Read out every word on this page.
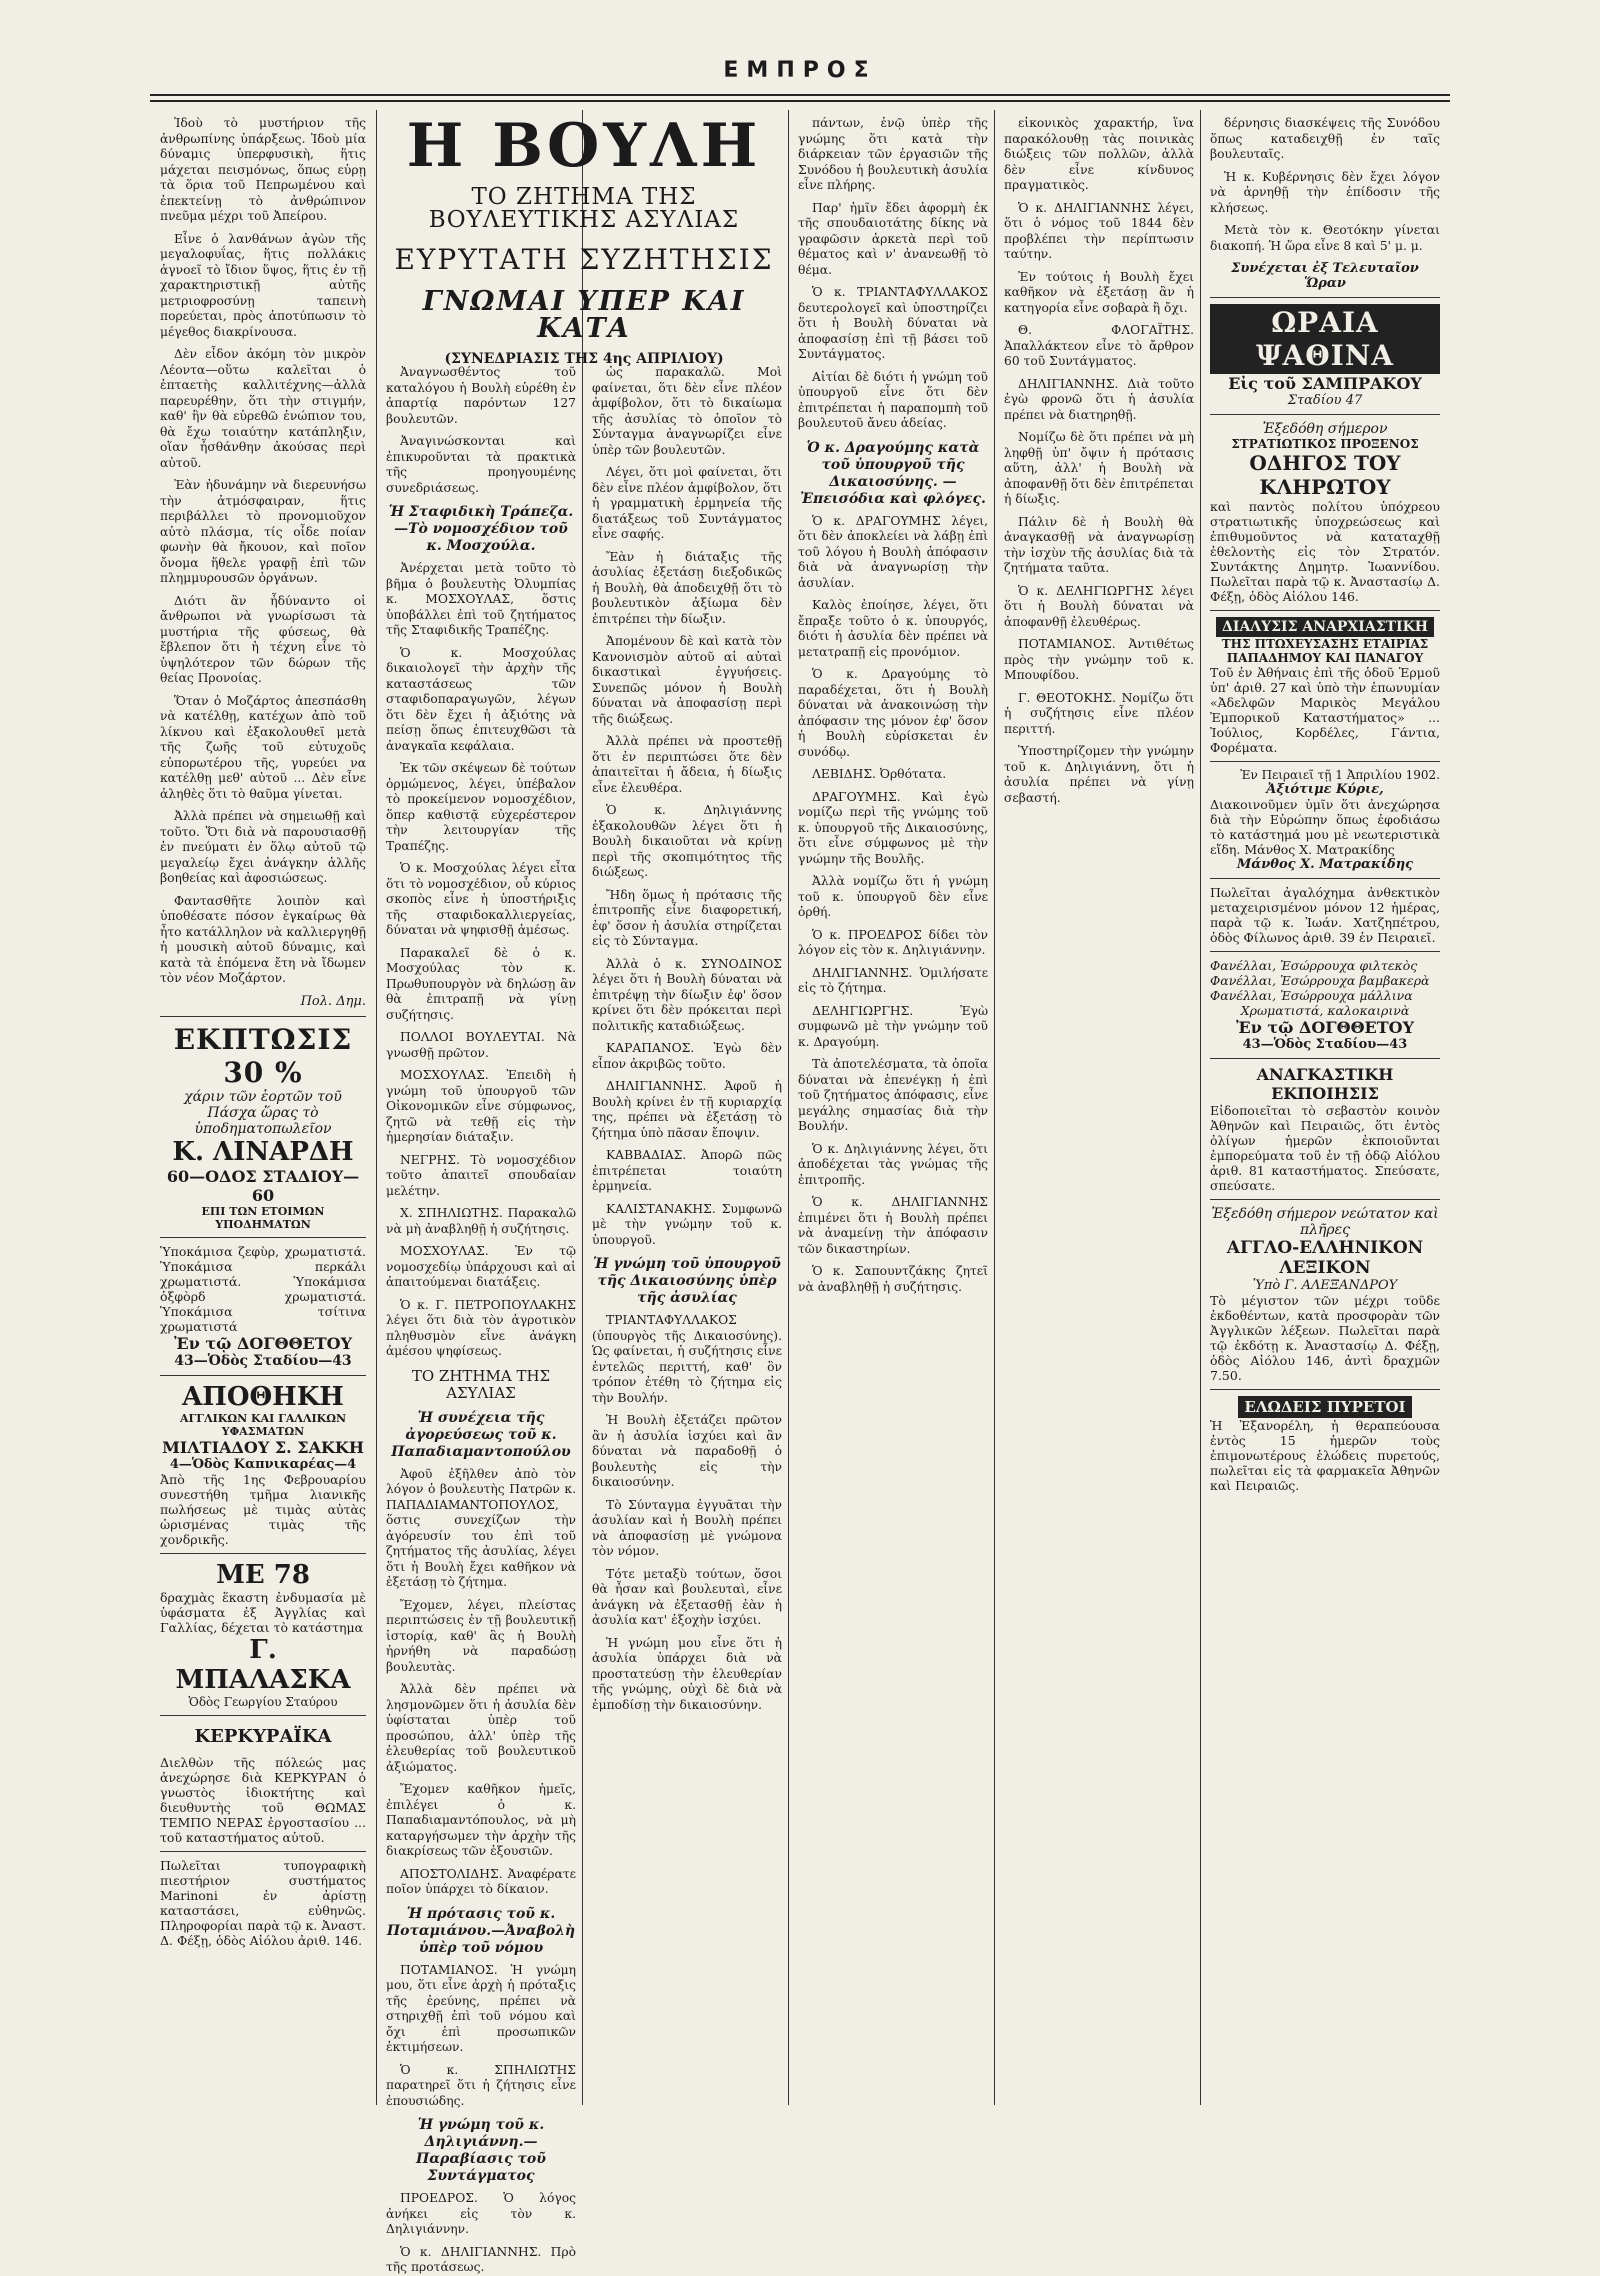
ΕΜΠΡΟΣ

Ἰδοὺ τὸ μυστήριον τῆς ἀνθρωπίνης ὑπάρξεως. Ἰδοὺ μία δύναμις ὑπερφυσικὴ, ἥτις μάχεται πεισμόνως, ὅπως εὑρῃ τὰ ὅρια τοῦ Πεπρωμένου καὶ ἐπεκτείνῃ τὸ ἀνθρώπινον πνεῦμα μέχρι τοῦ Ἀπείρου.

Εἶνε ὁ λανθάνων ἀγὼν τῆς μεγαλοφυΐας, ἥτις πολλάκις ἀγνοεῖ τὸ ἴδιον ὕψος, ἥτις ἐν τῇ χαρακτηριστικῇ αὐτῆς μετριοφροσύνῃ ταπεινὴ πορεύεται, πρὸς ἀποτύπωσιν τὸ μέγεθος διακρίνουσα.

Δὲν εἶδον ἀκόμη τὸν μικρὸν Λέοντα—οὕτω καλεῖται ὁ ἐπταετὴς καλλιτέχνης—ἀλλὰ παρευρέθην, ὅτι τὴν στιγμήν, καθ' ἣν θὰ εὑρεθῶ ἐνώπιον του, θὰ ἔχω τοιαύτην κατάπληξιν, οἵαν ἦσθάνθην ἀκούσας περὶ αὐτοῦ.

Ἐὰν ἠδυνάμην νὰ διερευνήσω τὴν ἀτμόσφαιραν, ἥτις περιβάλλει τὸ προνομιοῦχον αὐτὸ πλάσμα, τίς οἶδε ποίαν φωνὴν θὰ ἤκουον, καὶ ποῖον ὄνομα ἥθελε γραφῇ ἐπὶ τῶν πλημμυρουσῶν ὀργάνων.

Διότι ἂν ἦδύναντο οἱ ἄνθρωποι νὰ γνωρίσωσι τὰ μυστήρια τῆς φύσεως, θὰ ἔβλεπον ὅτι ἡ τέχνη εἶνε τὸ ὑψηλότερον τῶν δώρων τῆς θείας Προνοίας.

Ὅταν ὁ Μοζάρτος ἀπεσπάσθη νὰ κατέλθῃ, κατέχων ἀπὸ τοῦ λίκνου καὶ ἐξακολουθεῖ μετὰ τῆς ζωῆς τοῦ εὐτυχοῦς εὐπορωτέρου τῆς, γυρεύει να κατέλθῃ μεθ' αὐτοῦ ... Δὲν εἶνε ἀληθὲς ὅτι τὸ θαῦμα γίνεται.

Ἀλλὰ πρέπει νὰ σημειωθῇ καὶ τοῦτο. Ὅτι διὰ νὰ παρουσιασθῇ ἐν πνεύματι ἐν ὅλῳ αὐτοῦ τῷ μεγαλείῳ ἔχει ἀνάγκην ἀλλῆς βοηθείας καὶ ἀφοσιώσεως.

Φαντασθῆτε λοιπὸν καὶ ὑποθέσατε πόσον ἐγκαίρως θὰ ἦτο κατάλληλον νὰ καλλιεργηθῇ ἡ μουσικὴ αὐτοῦ δύναμις, καὶ κατὰ τὰ ἑπόμενα ἔτη νὰ ἴδωμεν τὸν νέον Μοζάρτον.

Πολ. Δημ.

ΕΚΠΤΩΣΙΣ 30 %
χάριν τῶν ἑορτῶν τοῦ Πάσχα ὥρας τὸ ὑποδηματοπωλεῖον
Κ. ΛΙΝΑΡΔΗ
60—ΟΔΟΣ ΣΤΑΔΙΟΥ—60
ΕΠΙ ΤΩΝ ΕΤΟΙΜΩΝ ΥΠΟΔΗΜΑΤΩΝ
Ὑποκάμισα ζεφὺρ, χρωματιστά. Ὑποκάμισα περκάλι χρωματιστά. Ὑποκάμισα ὀξφὸρδ χρωματιστά. Ὑποκάμισα τσίτινα χρωματιστά
Ἐν τῷ ΔΟΓΘΘΕΤΟΥ
43—Ὁδὸς Σταδίου—43
ΑΠΟΘΗΚΗ
ΑΓΓΛΙΚΩΝ ΚΑΙ ΓΑΛΛΙΚΩΝ ΥΦΑΣΜΑΤΩΝ
ΜΙΛΤΙΑΔΟΥ Σ. ΣΑΚΚΗ
4—Ὁδὸς Καπνικαρέας—4
Ἀπὸ τῆς 1ης Φεβρουαρίου συνεστήθη τμῆμα λιανικῆς πωλήσεως μὲ τιμὰς αὐτὰς ὡρισμένας τιμὰς τῆς χονδρικῆς.
ΜΕ 78
δραχμὰς ἕκαστη ἐνδυμασία μὲ ὑφάσματα ἐξ Ἀγγλίας καὶ Γαλλίας, δέχεται τὸ κατάστημα
Γ. ΜΠΑΛΑΣΚΑ
Ὁδὸς Γεωργίου Σταύρου
ΚΕΡΚΥΡΑΪΚΑ
Διελθὼν τῆς πόλεώς μας ἀνεχώρησε διὰ ΚΕΡΚΥΡΑΝ ὁ γνωστὸς ἰδιοκτήτης καὶ διευθυντὴς τοῦ ΘΩΜΑΣ ΤΕΜΠΟ ΝΕΡΑΣ ἐργοστασίου ... τοῦ καταστήματος αὐτοῦ.
Πωλεῖται τυπογραφικὴ πιεστήριον συστήματος Marinoni ἐν ἀρίστῃ καταστάσει, εὐθηνῶς. Πληροφορίαι παρὰ τῷ κ. Ἀναστ. Δ. Φέξῃ, ὁδὸς Αἰόλου ἀριθ. 146.
Η ΒΟΥΛΗ
ΤΟ ΖΗΤΗΜΑ ΤΗΣ ΒΟΥΛΕΥΤΙΚΗΣ ΑΣΥΛΙΑΣ
ΕΥΡΥΤΑΤΗ ΣΥΖΗΤΗΣΙΣ
ΓΝΩΜΑΙ ΥΠΕΡ ΚΑΙ ΚΑΤΑ
(ΣΥΝΕΔΡΙΑΣΙΣ ΤΗΣ 4ης ΑΠΡΙΛΙΟΥ)

Ἀναγνωσθέντος τοῦ καταλόγου ἡ Βουλὴ εὑρέθη ἐν ἀπαρτίᾳ παρόντων 127 βουλευτῶν.

Ἀναγινώσκονται καὶ ἐπικυροῦνται τὰ πρακτικὰ τῆς προηγουμένης συνεδριάσεως.

Ἡ Σταφιδικὴ Τράπεζα.—Τὸ νομοσχέδιον τοῦ κ. Μοσχούλα.

Ἀνέρχεται μετὰ τοῦτο τὸ βῆμα ὁ βουλευτὴς Ὀλυμπίας κ. ΜΟΣΧΟΥΛΑΣ, ὅστις ὑποβάλλει ἐπὶ τοῦ ζητήματος τῆς Σταφιδικῆς Τραπέζης.

Ὁ κ. Μοσχούλας δικαιολογεῖ τὴν ἀρχὴν τῆς καταστάσεως τῶν σταφιδοπαραγωγῶν, λέγων ὅτι δὲν ἔχει ἡ ἀξιότης νὰ πείσῃ ὅπως ἐπιτευχθῶσι τὰ ἀναγκαῖα κεφάλαια.

Ἐκ τῶν σκέψεων δὲ τούτων ὁρμώμενος, λέγει, ὑπέβαλον τὸ προκείμενον νομοσχέδιον, ὅπερ καθιστᾷ εὐχερέστερον τὴν λειτουργίαν τῆς Τραπέζης.

Ὁ κ. Μοσχούλας λέγει εἶτα ὅτι τὸ νομοσχέδιον, οὗ κύριος σκοπὸς εἶνε ἡ ὑποστήριξις τῆς σταφιδοκαλλιεργείας, δύναται νὰ ψηφισθῇ ἀμέσως.

Παρακαλεῖ δὲ ὁ κ. Μοσχούλας τὸν κ. Πρωθυπουργὸν νὰ δηλώσῃ ἂν θὰ ἐπιτραπῇ νὰ γίνῃ συζήτησις.

ΠΟΛΛΟΙ ΒΟΥΛΕΥΤΑΙ. Νὰ γνωσθῇ πρῶτον.

ΜΟΣΧΟΥΛΑΣ. Ἐπειδὴ ἡ γνώμη τοῦ ὑπουργοῦ τῶν Οἰκονομικῶν εἶνε σύμφωνος, ζητῶ νὰ τεθῇ εἰς τὴν ἡμερησίαν διάταξιν.

ΝΕΓΡΗΣ. Τὸ νομοσχέδιον τοῦτο ἀπαιτεῖ σπουδαίαν μελέτην.

Χ. ΣΠΗΛΙΩΤΗΣ. Παρακαλῶ νὰ μὴ ἀναβληθῇ ἡ συζήτησις.

ΜΟΣΧΟΥΛΑΣ. Ἐν τῷ νομοσχεδίῳ ὑπάρχουσι καὶ αἱ ἀπαιτούμεναι διατάξεις.

Ὁ κ. Γ. ΠΕΤΡΟΠΟΥΛΑΚΗΣ λέγει ὅτι διὰ τὸν ἀγροτικὸν πληθυσμὸν εἶνε ἀνάγκη ἀμέσου ψηφίσεως.

ΤΟ ΖΗΤΗΜΑ ΤΗΣ ΑΣΥΛΙΑΣ
Ἡ συνέχεια τῆς ἀγορεύσεως τοῦ κ. Παπαδιαμαντοπούλου

Ἀφοῦ ἐξῆλθεν ἀπὸ τὸν λόγον ὁ βουλευτὴς Πατρῶν κ. ΠΑΠΑΔΙΑΜΑΝΤΟΠΟΥΛΟΣ, ὅστις συνεχίζων τὴν ἀγόρευσίν του ἐπὶ τοῦ ζητήματος τῆς ἀσυλίας, λέγει ὅτι ἡ Βουλὴ ἔχει καθῆκον νὰ ἐξετάσῃ τὸ ζήτημα.

Ἔχομεν, λέγει, πλείστας περιπτώσεις ἐν τῇ βουλευτικῇ ἱστορίᾳ, καθ' ἃς ἡ Βουλὴ ἠρνήθη νὰ παραδώσῃ βουλευτὰς.

Ἀλλὰ δὲν πρέπει νὰ λησμονῶμεν ὅτι ἡ ἀσυλία δὲν ὑφίσταται ὑπὲρ τοῦ προσώπου, ἀλλ' ὑπὲρ τῆς ἐλευθερίας τοῦ βουλευτικοῦ ἀξιώματος.

Ἔχομεν καθῆκον ἡμεῖς, ἐπιλέγει ὁ κ. Παπαδιαμαντόπουλος, νὰ μὴ καταργήσωμεν τὴν ἀρχὴν τῆς διακρίσεως τῶν ἐξουσιῶν.

ΑΠΟΣΤΟΛΙΔΗΣ. Ἀναφέρατε ποῖον ὑπάρχει τὸ δίκαιον.

Ἡ πρότασις τοῦ κ. Ποταμιάνου.—Ἀναβολὴ ὑπὲρ τοῦ νόμου

ΠΟΤΑΜΙΑΝΟΣ. Ἡ γνώμη μου, ὅτι εἶνε ἀρχὴ ἡ πρόταξις τῆς ἐρεύνης, πρέπει νὰ στηριχθῇ ἐπὶ τοῦ νόμου καὶ ὄχι ἐπὶ προσωπικῶν ἐκτιμήσεων.

Ὁ κ. ΣΠΗΛΙΩΤΗΣ παρατηρεῖ ὅτι ἡ ζήτησις εἶνε ἐπουσιώδης.

Ἡ γνώμη τοῦ κ. Δηλιγιάννη.—Παραβίασις τοῦ Συντάγματος

ΠΡΟΕΔΡΟΣ. Ὁ λόγος ἀνήκει εἰς τὸν κ. Δηλιγιάννην.

Ὁ κ. ΔΗΛΙΓΙΑΝΝΗΣ. Πρὸ τῆς προτάσεως.

ὡς παρακαλῶ. Μοὶ φαίνεται, ὅτι δὲν εἶνε πλέον ἀμφίβολον, ὅτι τὸ δικαίωμα τῆς ἀσυλίας τὸ ὁποῖον τὸ Σύνταγμα ἀναγνωρίζει εἶνε ὑπὲρ τῶν βουλευτῶν.

Λέγει, ὅτι μοὶ φαίνεται, ὅτι δὲν εἶνε πλέον ἀμφίβολον, ὅτι ἡ γραμματικὴ ἑρμηνεία τῆς διατάξεως τοῦ Συντάγματος εἶνε σαφής.

Ἔὰν ἡ διάταξις τῆς ἀσυλίας ἐξετάσῃ διεξοδικῶς ἡ Βουλὴ, θὰ ἀποδειχθῇ ὅτι τὸ βουλευτικὸν ἀξίωμα δὲν ἐπιτρέπει τὴν δίωξιν.

Ἀπομένουν δὲ καὶ κατὰ τὸν Κανονισμὸν αὐτοῦ αἱ αὐταὶ δικαστικαὶ ἐγγυήσεις. Συνεπῶς μόνον ἡ Βουλὴ δύναται νὰ ἀποφασίσῃ περὶ τῆς διώξεως.

Ἀλλὰ πρέπει νὰ προστεθῇ ὅτι ἐν περιπτώσει ὅτε δὲν ἀπαιτεῖται ἡ ἄδεια, ἡ δίωξις εἶνε ἐλευθέρα.

Ὁ κ. Δηλιγιάννης ἐξακολουθῶν λέγει ὅτι ἡ Βουλὴ δικαιοῦται νὰ κρίνῃ περὶ τῆς σκοπιμότητος τῆς διώξεως.

Ἤδη ὅμως ἡ πρότασις τῆς ἐπιτροπῆς εἶνε διαφορετική, ἐφ' ὅσον ἡ ἀσυλία στηρίζεται εἰς τὸ Σύνταγμα.

Ἀλλὰ ὁ κ. ΣΥΝΟΔΙΝΟΣ λέγει ὅτι ἡ Βουλὴ δύναται νὰ ἐπιτρέψῃ τὴν δίωξιν ἐφ' ὅσον κρίνει ὅτι δὲν πρόκειται περὶ πολιτικῆς καταδιώξεως.

ΚΑΡΑΠΑΝΟΣ. Ἐγὼ δὲν εἶπον ἀκριβῶς τοῦτο.

ΔΗΛΙΓΙΑΝΝΗΣ. Ἀφοῦ ἡ Βουλὴ κρίνει ἐν τῇ κυριαρχίᾳ της, πρέπει νὰ ἐξετάσῃ τὸ ζήτημα ὑπὸ πᾶσαν ἔποψιν.

ΚΑΒΒΑΔΙΑΣ. Ἀπορῶ πῶς ἐπιτρέπεται τοιαύτη ἑρμηνεία.

ΚΑΛΙΣΤΑΝΑΚΗΣ. Συμφωνῶ μὲ τὴν γνώμην τοῦ κ. ὑπουργοῦ.

Ἡ γνώμη τοῦ ὑπουργοῦ τῆς Δικαιοσύνης ὑπὲρ τῆς ἀσυλίας

ΤΡΙΑΝΤΑΦΥΛΛΑΚΟΣ (ὑπουργὸς τῆς Δικαιοσύνης). Ὡς φαίνεται, ἡ συζήτησις εἶνε ἐντελῶς περιττή, καθ' ὃν τρόπον ἐτέθη τὸ ζήτημα εἰς τὴν Βουλήν.

Ἡ Βουλὴ ἐξετάζει πρῶτον ἂν ἡ ἀσυλία ἰσχύει καὶ ἂν δύναται νὰ παραδοθῇ ὁ βουλευτὴς εἰς τὴν δικαιοσύνην.

Τὸ Σύνταγμα ἐγγυᾶται τὴν ἀσυλίαν καὶ ἡ Βουλὴ πρέπει νὰ ἀποφασίσῃ μὲ γνώμονα τὸν νόμον.

Τότε μεταξὺ τούτων, ὅσοι θὰ ἦσαν καὶ βουλευταὶ, εἶνε ἀνάγκη νὰ ἐξετασθῇ ἐὰν ἡ ἀσυλία κατ' ἐξοχὴν ἰσχύει.

Ἡ γνώμη μου εἶνε ὅτι ἡ ἀσυλία ὑπάρχει διὰ νὰ προστατεύσῃ τὴν ἐλευθερίαν τῆς γνώμης, οὐχὶ δὲ διὰ νὰ ἐμποδίσῃ τὴν δικαιοσύνην.

πάντων, ἐνῷ ὑπὲρ τῆς γνώμης ὅτι κατὰ τὴν διάρκειαν τῶν ἐργασιῶν τῆς Συνόδου ἡ βουλευτικὴ ἀσυλία εἶνε πλήρης.

Παρ' ἡμῖν ἔδει ἀφορμὴ ἐκ τῆς σπουδαιοτάτης δίκης νὰ γραφῶσιν ἀρκετὰ περὶ τοῦ θέματος καὶ ν' ἀνανεωθῇ τὸ θέμα.

Ὁ κ. ΤΡΙΑΝΤΑΦΥΛΛΑΚΟΣ δευτερολογεῖ καὶ ὑποστηρίζει ὅτι ἡ Βουλὴ δύναται νὰ ἀποφασίσῃ ἐπὶ τῇ βάσει τοῦ Συντάγματος.

Αἰτίαι δὲ διότι ἡ γνώμη τοῦ ὑπουργοῦ εἶνε ὅτι δὲν ἐπιτρέπεται ἡ παραπομπὴ τοῦ βουλευτοῦ ἄνευ ἀδείας.

Ὁ κ. Δραγούμης κατὰ τοῦ ὑπουργοῦ τῆς Δικαιοσύνης. —Ἐπεισόδια καὶ φλόγες.

Ὁ κ. ΔΡΑΓΟΥΜΗΣ λέγει, ὅτι δὲν ἀποκλείει νὰ λάβῃ ἐπὶ τοῦ λόγου ἡ Βουλὴ ἀπόφασιν διὰ νὰ ἀναγνωρίσῃ τὴν ἀσυλίαν.

Καλὸς ἐποίησε, λέγει, ὅτι ἔπραξε τοῦτο ὁ κ. ὑπουργός, διότι ἡ ἀσυλία δὲν πρέπει νὰ μετατραπῇ εἰς προνόμιον.

Ὁ κ. Δραγούμης τὸ παραδέχεται, ὅτι ἡ Βουλὴ δύναται νὰ ἀνακοινώσῃ τὴν ἀπόφασιν της μόνον ἐφ' ὅσον ἡ Βουλὴ εὑρίσκεται ἐν συνόδῳ.

ΛΕΒΙΔΗΣ. Ὀρθότατα.

ΔΡΑΓΟΥΜΗΣ. Καὶ ἐγὼ νομίζω περὶ τῆς γνώμης τοῦ κ. ὑπουργοῦ τῆς Δικαιοσύνης, ὅτι εἶνε σύμφωνος μὲ τὴν γνώμην τῆς Βουλῆς.

Ἀλλὰ νομίζω ὅτι ἡ γνώμη τοῦ κ. ὑπουργοῦ δὲν εἶνε ὀρθή.

Ὁ κ. ΠΡΟΕΔΡΟΣ δίδει τὸν λόγον εἰς τὸν κ. Δηλιγιάννην.

ΔΗΛΙΓΙΑΝΝΗΣ. Ὁμιλήσατε εἰς τὸ ζήτημα.

ΔΕΛΗΓΙΩΡΓΗΣ. Ἐγὼ συμφωνῶ μὲ τὴν γνώμην τοῦ κ. Δραγούμη.

Τὰ ἀποτελέσματα, τὰ ὁποῖα δύναται νὰ ἐπενέγκῃ ἡ ἐπὶ τοῦ ζητήματος ἀπόφασις, εἶνε μεγάλης σημασίας διὰ τὴν Βουλήν.

Ὁ κ. Δηλιγιάννης λέγει, ὅτι ἀποδέχεται τὰς γνώμας τῆς ἐπιτροπῆς.

Ὁ κ. ΔΗΛΙΓΙΑΝΝΗΣ ἐπιμένει ὅτι ἡ Βουλὴ πρέπει νὰ ἀναμείνῃ τὴν ἀπόφασιν τῶν δικαστηρίων.

Ὁ κ. Σαπουντζάκης ζητεῖ νὰ ἀναβληθῇ ἡ συζήτησις.

εἰκονικὸς χαρακτήρ, ἵνα παρακόλουθῃ τὰς ποινικὰς διώξεις τῶν πολλῶν, ἀλλὰ δὲν εἶνε κίνδυνος πραγματικὸς.

Ὁ κ. ΔΗΛΙΓΙΑΝΝΗΣ λέγει, ὅτι ὁ νόμος τοῦ 1844 δὲν προβλέπει τὴν περίπτωσιν ταύτην.

Ἐν τούτοις ἡ Βουλὴ ἔχει καθῆκον νὰ ἐξετάσῃ ἂν ἡ κατηγορία εἶνε σοβαρὰ ἢ ὄχι.

Θ. ΦΛΟΓΑΪΤΗΣ. Ἀπαλλάκτεον εἶνε τὸ ἄρθρον 60 τοῦ Συντάγματος.

ΔΗΛΙΓΙΑΝΝΗΣ. Διὰ τοῦτο ἐγὼ φρονῶ ὅτι ἡ ἀσυλία πρέπει νὰ διατηρηθῇ.

Νομίζω δὲ ὅτι πρέπει νὰ μὴ ληφθῇ ὑπ' ὄψιν ἡ πρότασις αὕτη, ἀλλ' ἡ Βουλὴ νὰ ἀποφανθῇ ὅτι δὲν ἐπιτρέπεται ἡ δίωξις.

Πάλιν δὲ ἡ Βουλὴ θὰ ἀναγκασθῇ νὰ ἀναγνωρίσῃ τὴν ἰσχὺν τῆς ἀσυλίας διὰ τὰ ζητήματα ταῦτα.

Ὁ κ. ΔΕΛΗΓΙΩΡΓΗΣ λέγει ὅτι ἡ Βουλὴ δύναται νὰ ἀποφανθῇ ἐλευθέρως.

ΠΟΤΑΜΙΑΝΟΣ. Ἀντιθέτως πρὸς τὴν γνώμην τοῦ κ. Μπουφίδου.

Γ. ΘΕΟΤΟΚΗΣ. Νομίζω ὅτι ἡ συζήτησις εἶνε πλέον περιττή.

Ὑποστηρίζομεν τὴν γνώμην τοῦ κ. Δηλιγιάννη, ὅτι ἡ ἀσυλία πρέπει νὰ γίνῃ σεβαστή.

δέρνησις διασκέψεις τῆς Συνόδου ὅπως καταδειχθῇ ἐν ταῖς βουλευταῖς.

Ἡ κ. Κυβέρνησις δὲν ἔχει λόγον νὰ ἀρνηθῇ τὴν ἐπίδοσιν τῆς κλήσεως.

Μετὰ τὸν κ. Θεοτόκην γίνεται διακοπή. Ἡ ὥρα εἶνε 8 καὶ 5' μ. μ.

Συνέχεται ἐξ Τελευταῖον Ὥραν
ΩΡΑΙΑ ΨΑΘΙΝΑ
Εἰς τοῦ ΣΑΜΠΡΑΚΟΥ
Σταδίου 47
Ἐξεδόθη σήμερον
ΣΤΡΑΤΙΩΤΙΚΟΣ ΠΡΟΞΕΝΟΣ
ΟΔΗΓΟΣ ΤΟΥ ΚΛΗΡΩΤΟΥ
καὶ παντὸς πολίτου ὑπόχρεου στρατιωτικῆς ὑποχρεώσεως καὶ ἐπιθυμοῦντος νὰ καταταχθῇ ἐθελοντὴς εἰς τὸν Στρατόν. Συντάκτης Δημητρ. Ἰωαννίδου. Πωλεῖται παρὰ τῷ κ. Ἀναστασίῳ Δ. Φέξῃ, ὁδὸς Αἰόλου 146.
ΔΙΑΛΥΣΙΣ ΑΝΑΡΧΙΑΣΤΙΚΗ
ΤΗΣ ΠΤΩΧΕΥΣΑΣΗΣ ΕΤΑΙΡΙΑΣ ΠΑΠΑΔΗΜΟΥ ΚΑΙ ΠΑΝΑΓΟΥ
Τοῦ ἐν Ἀθήναις ἐπὶ τῆς ὁδοῦ Ἑρμοῦ ὑπ' ἀριθ. 27 καὶ ὑπὸ τὴν ἐπωνυμίαν «Ἀδελφῶν Μαρικὸς Μεγάλου Ἐμπορικοῦ Καταστήματος» ... Ἰούλιος, Κορδέλες, Γάντια, Φορέματα.
Ἐν Πειραιεῖ τῇ 1 Ἀπριλίου 1902.
Ἀξιότιμε Κύριε,
Διακοινοῦμεν ὑμῖν ὅτι ἀνεχώρησα διὰ τὴν Εὐρώπην ὅπως ἐφοδιάσω τὸ κατάστημά μου μὲ νεωτεριστικὰ εἴδη. Μάνθος Χ. Ματρακίδης
Μάνθος Χ. Ματρακίδης
Πωλεῖται ἀγαλόχημα ἀνθεκτικὸν μεταχειρισμένον μόνον 12 ἡμέρας, παρὰ τῷ κ. Ἰωάν. Χατζηπέτρου, ὁδὸς Φίλωνος ἀριθ. 39 ἐν Πειραιεῖ.
Φανέλλαι, Ἐσώρρουχα φιλτεκὸς
Φανέλλαι, Ἐσώρρουχα βαμβακερὰ
Φανέλλαι, Ἐσώρρουχα μάλλινα
Χρωματιστά, καλοκαιρινὰ
Ἐν τῷ ΔΟΓΘΘΕΤΟΥ
43—Ὁδὸς Σταδίου—43
ΑΝΑΓΚΑΣΤΙΚΗ ΕΚΠΟΙΗΣΙΣ
Εἰδοποιεῖται τὸ σεβαστὸν κοινὸν Ἀθηνῶν καὶ Πειραιῶς, ὅτι ἐντὸς ὀλίγων ἡμερῶν ἐκποιοῦνται ἐμπορεύματα τοῦ ἐν τῇ ὁδῷ Αἰόλου ἀριθ. 81 καταστήματος. Σπεύσατε, σπεύσατε.
Ἐξεδόθη σήμερον νεώτατον καὶ πλῆρες
ΑΓΓΛΟ-ΕΛΛΗΝΙΚΟΝ ΛΕΞΙΚΟΝ
Ὑπὸ Γ. ΑΛΕΞΑΝΔΡΟΥ
Τὸ μέγιστον τῶν μέχρι τοῦδε ἐκδοθέντων, κατὰ προσφορὰν τῶν Ἀγγλικῶν λέξεων. Πωλεῖται παρὰ τῷ ἐκδότῃ κ. Ἀναστασίῳ Δ. Φέξῃ, ὁδὸς Αἰόλου 146, ἀντὶ δραχμῶν 7.50.
ΕΛΩΔΕΙΣ ΠΥΡΕΤΟΙ
Ἡ Ἐξανορέλη, ἡ θεραπεύουσα ἐντὸς 15 ἡμερῶν τοὺς ἐπιμονωτέρους ἑλώδεις πυρετούς, πωλεῖται εἰς τὰ φαρμακεῖα Ἀθηνῶν καὶ Πειραιῶς.
